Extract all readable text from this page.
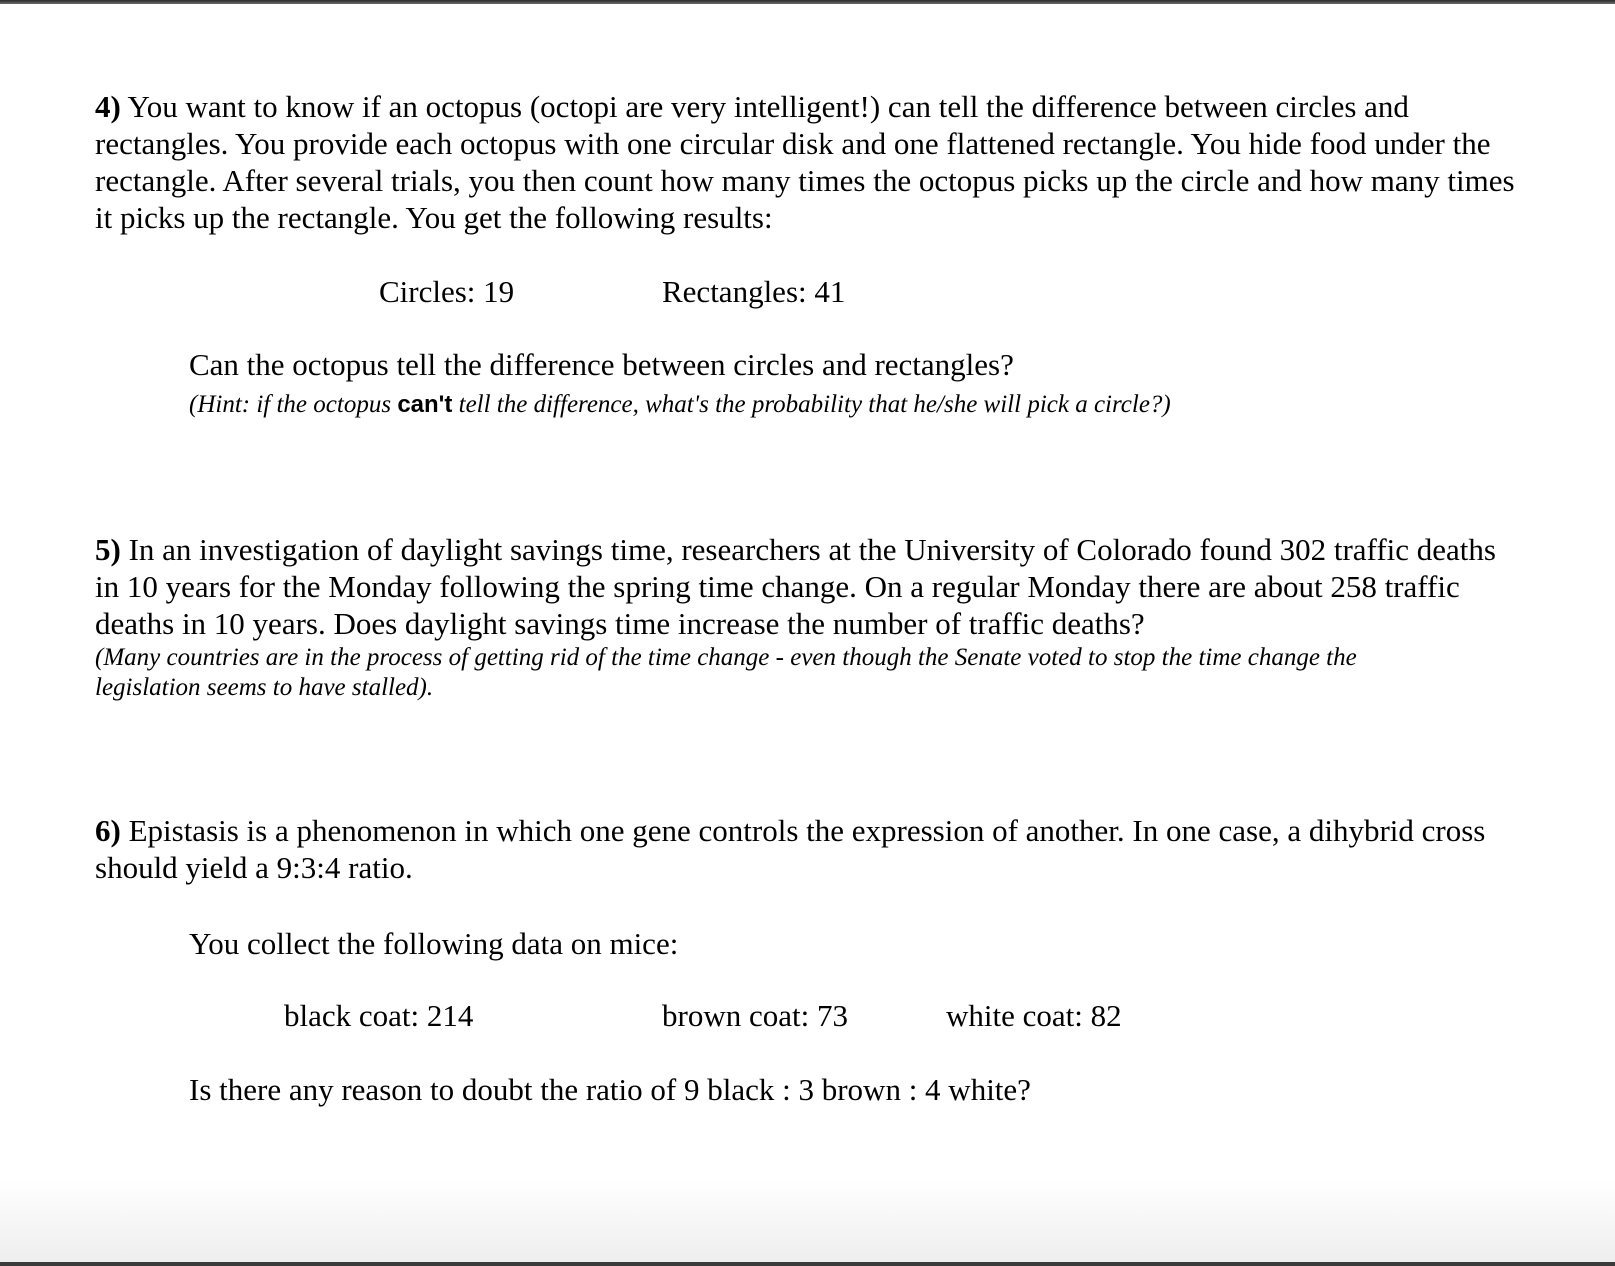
4) You want to know if an octopus (octopi are very intelligent!) can tell the difference between circles and rectangles. You provide each octopus with one circular disk and one flattened rectangle. You hide food under the rectangle. After several trials, you then count how many times the octopus picks up the circle and how many times it picks up the rectangle. You get the following results:

Circles: 19	Rectangles: 41

Can the octopus tell the difference between circles and rectangles?

(Hint: if the octopus can't tell the difference, what's the probability that he/she will pick a circle?)

5) In an investigation of daylight savings time, researchers at the University of Colorado found 302 traffic deaths in 10 years for the Monday following the spring time change. On a regular Monday there are about 258 traffic deaths in 10 years. Does daylight savings time increase the number of traffic deaths?

(Many countries are in the process of getting rid of the time change - even though the Senate voted to stop the time change the legislation seems to have stalled).

6) Epistasis is a phenomenon in which one gene controls the expression of another. In one case, a dihybrid cross should yield a 9:3:4 ratio.

You collect the following data on mice:

black coat: 214	brown coat: 73	white coat: 82

Is there any reason to doubt the ratio of 9 black : 3 brown : 4 white?
